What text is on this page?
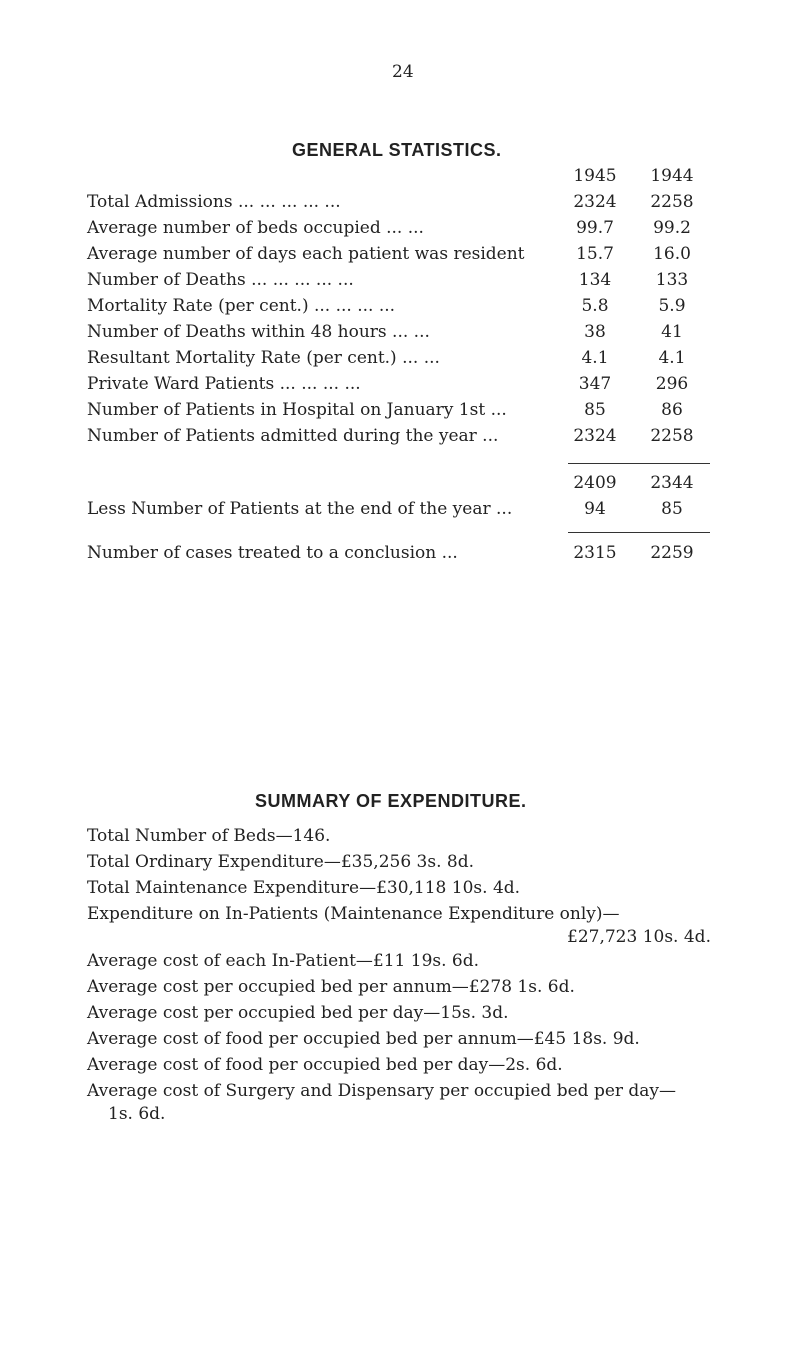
24
GENERAL STATISTICS.
1945	1944
Total Admissions ... ... ... ... ...	2324	2258
Average number of beds occupied ... ...	99.7	99.2
Average number of days each patient was resident	15.7	16.0
Number of Deaths ... ... ... ... ...	134	133
Mortality Rate (per cent.) ... ... ... ...	5.8	5.9
Number of Deaths within 48 hours ... ...	38	41
Resultant Mortality Rate (per cent.) ... ...	4.1	4.1
Private Ward Patients ... ... ... ...	347	296
Number of Patients in Hospital on January 1st ...	85	86
Number of Patients admitted during the year ...	2324	2258
2409	2344
Less Number of Patients at the end of the year ...	94	85
Number of cases treated to a conclusion ...	2315	2259
SUMMARY OF EXPENDITURE.
Total Number of Beds—146.
Total Ordinary Expenditure—£35,256 3s. 8d.
Total Maintenance Expenditure—£30,118 10s. 4d.
Expenditure on In-Patients (Maintenance Expenditure only)—
£27,723 10s. 4d.
Average cost of each In-Patient—£11 19s. 6d.
Average cost per occupied bed per annum—£278 1s. 6d.
Average cost per occupied bed per day—15s. 3d.
Average cost of food per occupied bed per annum—£45 18s. 9d.
Average cost of food per occupied bed per day—2s. 6d.
Average cost of Surgery and Dispensary per occupied bed per day—
1s. 6d.
